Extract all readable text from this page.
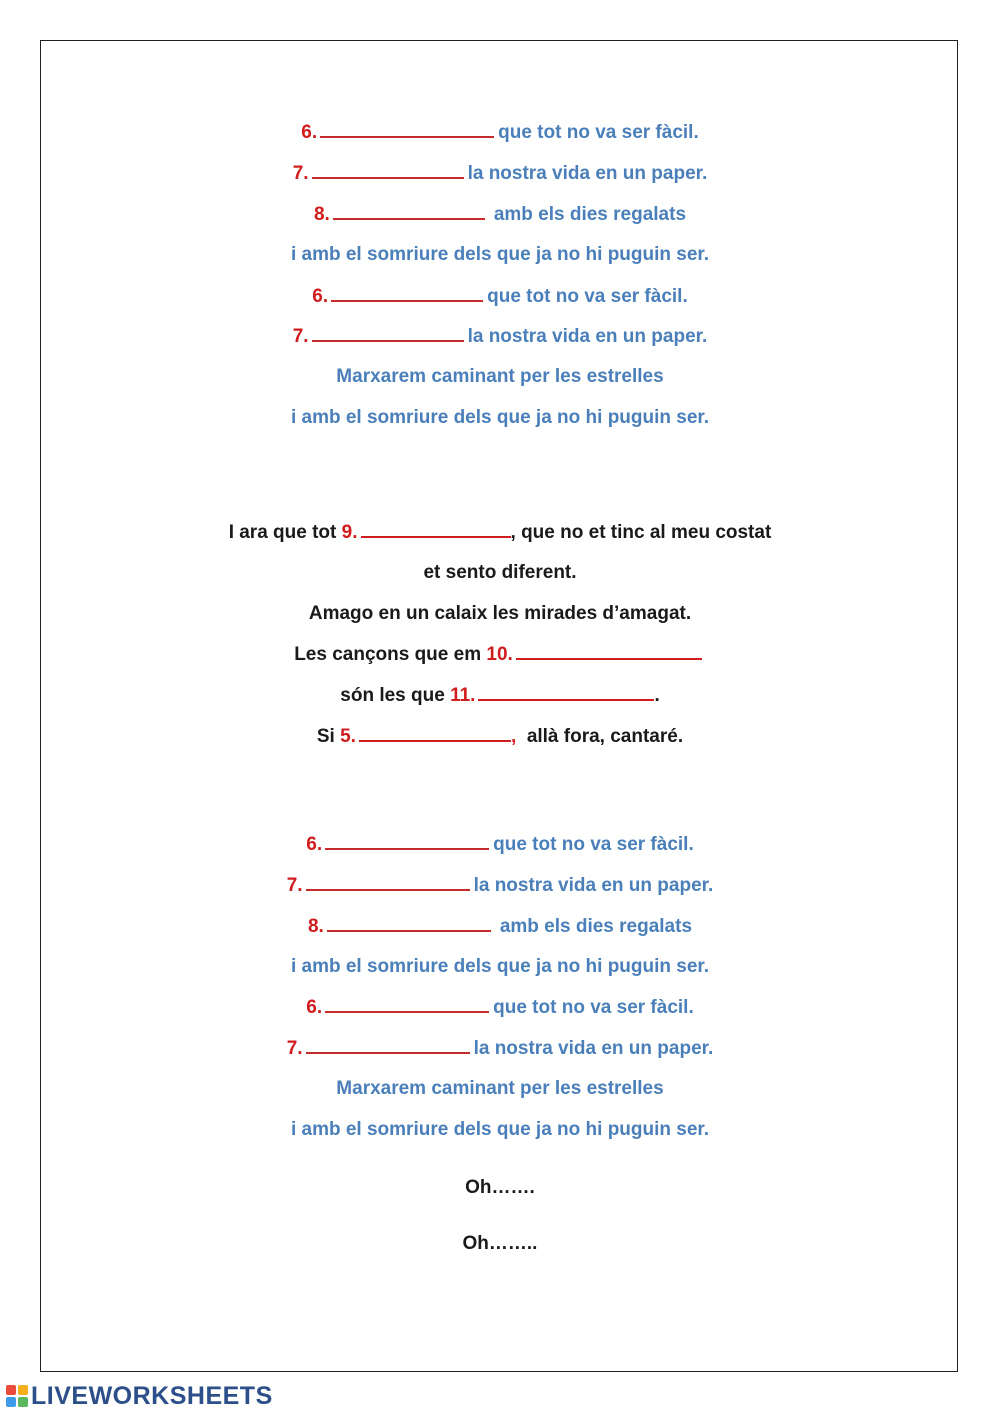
6.	que tot no va ser fàcil.
7.	la nostra vida en un paper.
8.	amb els dies regalats
i amb el somriure dels que ja no hi puguin ser.
6.	que tot no va ser fàcil.
7.	la nostra vida en un paper.
Marxarem caminant per les estrelles
i amb el somriure dels que ja no hi puguin ser.
I ara que tot 9.	, que no et tinc al meu costat
et sento diferent.
Amago en un calaix les mirades d’amagat.
Les cançons que em 10.
són les que 11.	.
Si 5.	, allà fora, cantaré.
6.	que tot no va ser fàcil.
7.	la nostra vida en un paper.
8.	amb els dies regalats
i amb el somriure dels que ja no hi puguin ser.
6.	que tot no va ser fàcil.
7.	la nostra vida en un paper.
Marxarem caminant per les estrelles
i amb el somriure dels que ja no hi puguin ser.
Oh…….
Oh……..
LIVEWORKSHEETS
